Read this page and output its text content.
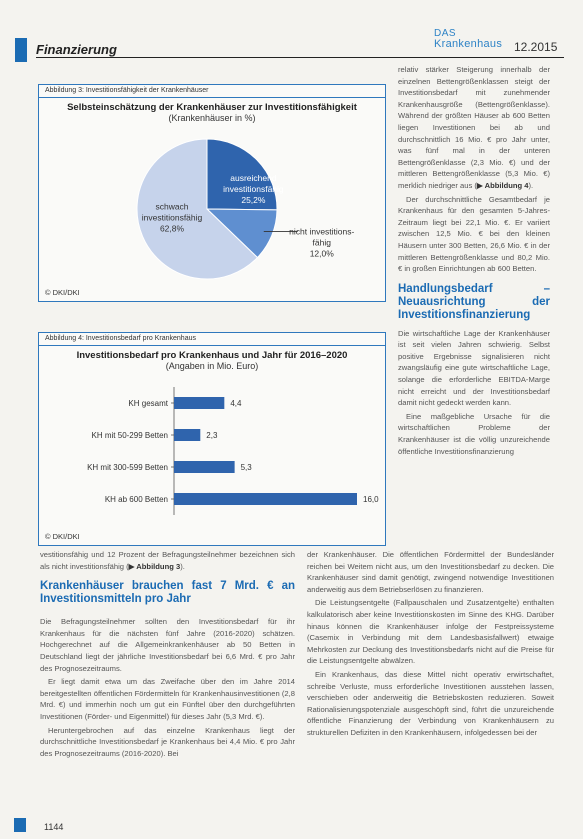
Finanzierung
DAS
Krankenhaus 12.2015
Abbildung 3: Investitionsfähigkeit der Krankenhäuser
Selbsteinschätzung der Krankenhäuser zur Investitionsfähigkeit
(Krankenhäuser in %)
ausreichend investitionsfähig 25,2%
schwach investitionsfähig 62,8%	nicht investitions-fähig 12,0%
© DKI/DKI
Abbildung 4: Investitionsbedarf pro Krankenhaus
Investitionsbedarf pro Krankenhaus und Jahr für 2016–2020
(Angaben in Mio. Euro)
KH gesamt	4,4
KH mit 50-299 Betten	2,3
KH mit 300-599 Betten	5,3
KH ab 600 Betten	16,0
© DKI/DKI

relativ stärker Steigerung innerhalb der einzelnen Bettengrößenklassen steigt der Investitionsbedarf mit zunehmender Krankenhausgröße (Bettengrößenklasse). Während der größten Häuser ab 600 Betten liegen Investitionen bei ab und durchschnittlich 16 Mio. € pro Jahr unter, was fünf mal in der unteren Bettengrößenklasse (2,3 Mio. €) und der mittleren Bettengrößenklasse (5,3 Mio. €) merklich niedriger aus (▶ Abbildung 4).

Der durchschnittliche Gesamtbedarf je Krankenhaus für den gesamten 5-Jahres-Zeitraum liegt bei 22,1 Mio. €. Er variiert zwischen 12,5 Mio. € bei den kleinen Häusern unter 300 Betten, 26,6 Mio. € in der mittleren Bettengrößenklasse und 80,2 Mio. € in großen Einrichtungen ab 600 Betten.

Handlungsbedarf – Neuausrichtung der Investitionsfinanzierung

Die wirtschaftliche Lage der Krankenhäuser ist seit vielen Jahren schwierig. Selbst positive Ergebnisse signalisieren nicht zwangsläufig eine gute wirtschaftliche Lage, solange die erforderliche EBITDA-Marge nicht erreicht und der Investitionsbedarf damit nicht gedeckt werden kann.

Eine maßgebliche Ursache für die wirtschaftlichen Probleme der Krankenhäuser ist die völlig unzureichende öffentliche Investitionsfinanzierung

vestitionsfähig und 12 Prozent der Befragungsteilnehmer bezeichnen sich als nicht investitionsfähig (▶ Abbildung 3).

Krankenhäuser brauchen fast 7 Mrd. € an Investitionsmitteln pro Jahr

Die Befragungsteilnehmer sollten den Investitionsbedarf für ihr Krankenhaus für die nächsten fünf Jahre (2016-2020) schätzen. Hochgerechnet auf die Allgemeinkrankenhäuser ab 50 Betten in Deutschland liegt der jährliche Investitionsbedarf bei 6,6 Mrd. € pro Jahr des Prognosezeitraums.

Er liegt damit etwa um das Zweifache über den im Jahre 2014 bereitgestellten öffentlichen Fördermitteln für Krankenhausinvestitionen (2,8 Mrd. €) und immerhin noch um gut ein Fünftel über den durchgeführten Investitionen (Förder- und Eigenmittel) für dieses Jahr (5,3 Mrd. €).

Heruntergebrochen auf das einzelne Krankenhaus liegt der durchschnittliche Investitionsbedarf je Krankenhaus bei 4,4 Mio. € pro Jahr des Prognosezeitraums (2016-2020). Bei

der Krankenhäuser. Die öffentlichen Fördermittel der Bundesländer reichen bei Weitem nicht aus, um den Investitionsbedarf zu decken. Die Krankenhäuser sind damit genötigt, zwingend notwendige Investitionen anderweitig aus dem Betriebserlösen zu finanzieren.

Die Leistungsentgelte (Fallpauschalen und Zusatzentgelte) enthalten kalkulatorisch aber keine Investitionskosten im Sinne des KHG. Darüber hinaus können die Krankenhäuser infolge der Festpreissysteme (Casemix in Verbindung mit dem Landesbasisfallwert) etwaige Mehrkosten zur Deckung des Investitionsbedarfs nicht auf die Preise für die Leistungsentgelte abwälzen.

Ein Krankenhaus, das diese Mittel nicht operativ erwirtschaftet, schreibe Verluste, muss erforderliche Investitionen ausstehen lassen, verschieben oder anderweitig die Betriebskosten reduzieren. Soweit Rationalisierungspotenziale ausgeschöpft sind, führt die unzureichende öffentliche Finanzierung der Verbindung von Krankenhäusern zu strukturellen Defiziten in den Krankenhäusern, infolgedessen bei der

1144
